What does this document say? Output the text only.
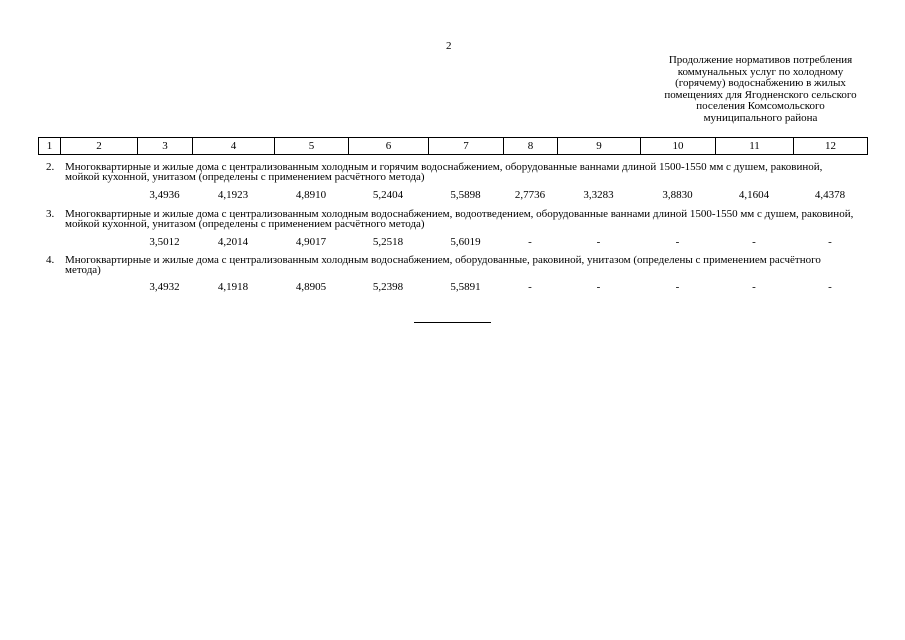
2
Продолжение нормативов потребления
коммунальных услуг по холодному
(горячему) водоснабжению в жилых
помещениях для Ягодненского сельского
поселения Комсомольского
муниципального района
1	2	3	4	5	6	7	8	9	10	11	12
2. Многоквартирные и жилые дома с централизованным холодным и горячим водоснабжением, оборудованные ваннами длиной 1500-1550 мм с душем, раковиной, мойкой кухонной, унитазом (определены с применением расчётного метода)
3,4936	4,1923	4,8910	5,2404	5,5898	2,7736	3,3283	3,8830	4,1604	4,4378
3. Многоквартирные и жилые дома с централизованным холодным водоснабжением, водоотведением, оборудованные ваннами длиной 1500-1550 мм с душем, раковиной, мойкой кухонной, унитазом (определены с применением расчётного метода)
3,5012	4,2014	4,9017	5,2518	5,6019	-	-	-	-	-
4. Многоквартирные и жилые дома с централизованным холодным водоснабжением, оборудованные, раковиной, унитазом (определены с применением расчётного метода)
3,4932	4,1918	4,8905	5,2398	5,5891	-	-	-	-	-
